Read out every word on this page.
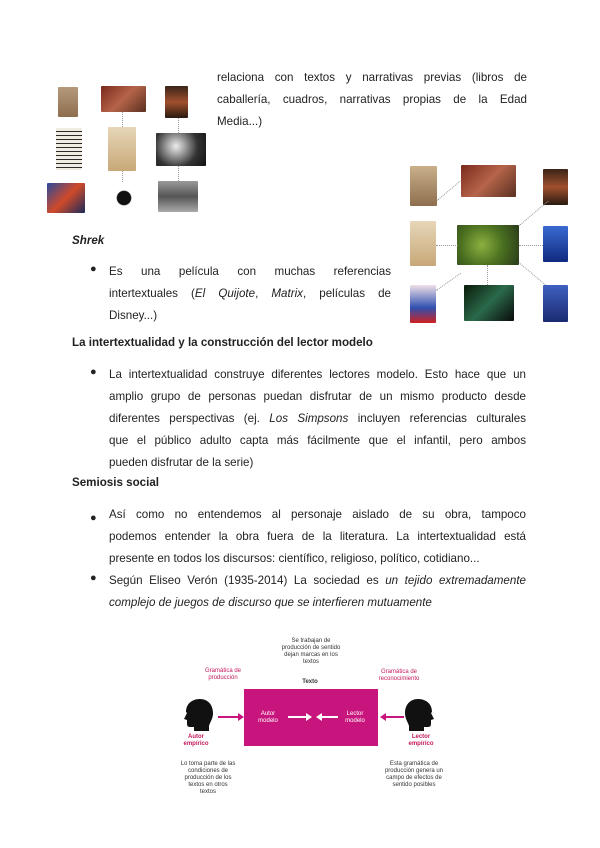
relaciona con textos y narrativas previas (libros de
caballería, cuadros, narrativas propias de la Edad
Media...)
Shrek
● Es una película con muchas referencias
intertextuales (El Quijote, Matrix, películas de
Disney...)
La intertextualidad y la construcción del lector modelo
● La intertextualidad construye diferentes lectores modelo. Esto hace que un
amplio grupo de personas puedan disfrutar de un mismo producto desde
diferentes perspectivas (ej. Los Simpsons incluyen referencias culturales
que el público adulto capta más fácilmente que el infantil, pero ambos
pueden disfrutar de la serie)
Semiosis social
● Así como no entendemos al personaje aislado de su obra, tampoco
podemos entender la obra fuera de la literatura. La intertextualidad está
presente en todos los discursos: científico, religioso, político, cotidiano...
● Según Eliseo Verón (1935-2014) La sociedad es un tejido extremadamente
complejo de juegos de discurso que se interfieren mutuamente
Se trabajan de producción de sentido dejan marcas en los textos
Gramática de producción
Gramática de reconocimiento
Texto
Autor modelo
Lector modelo
Autor empírico
Lector empírico
Lo toma parte de las condiciones de producción de los textos en otros textos
Esta gramática de producción genera un campo de efectos de sentido posibles
